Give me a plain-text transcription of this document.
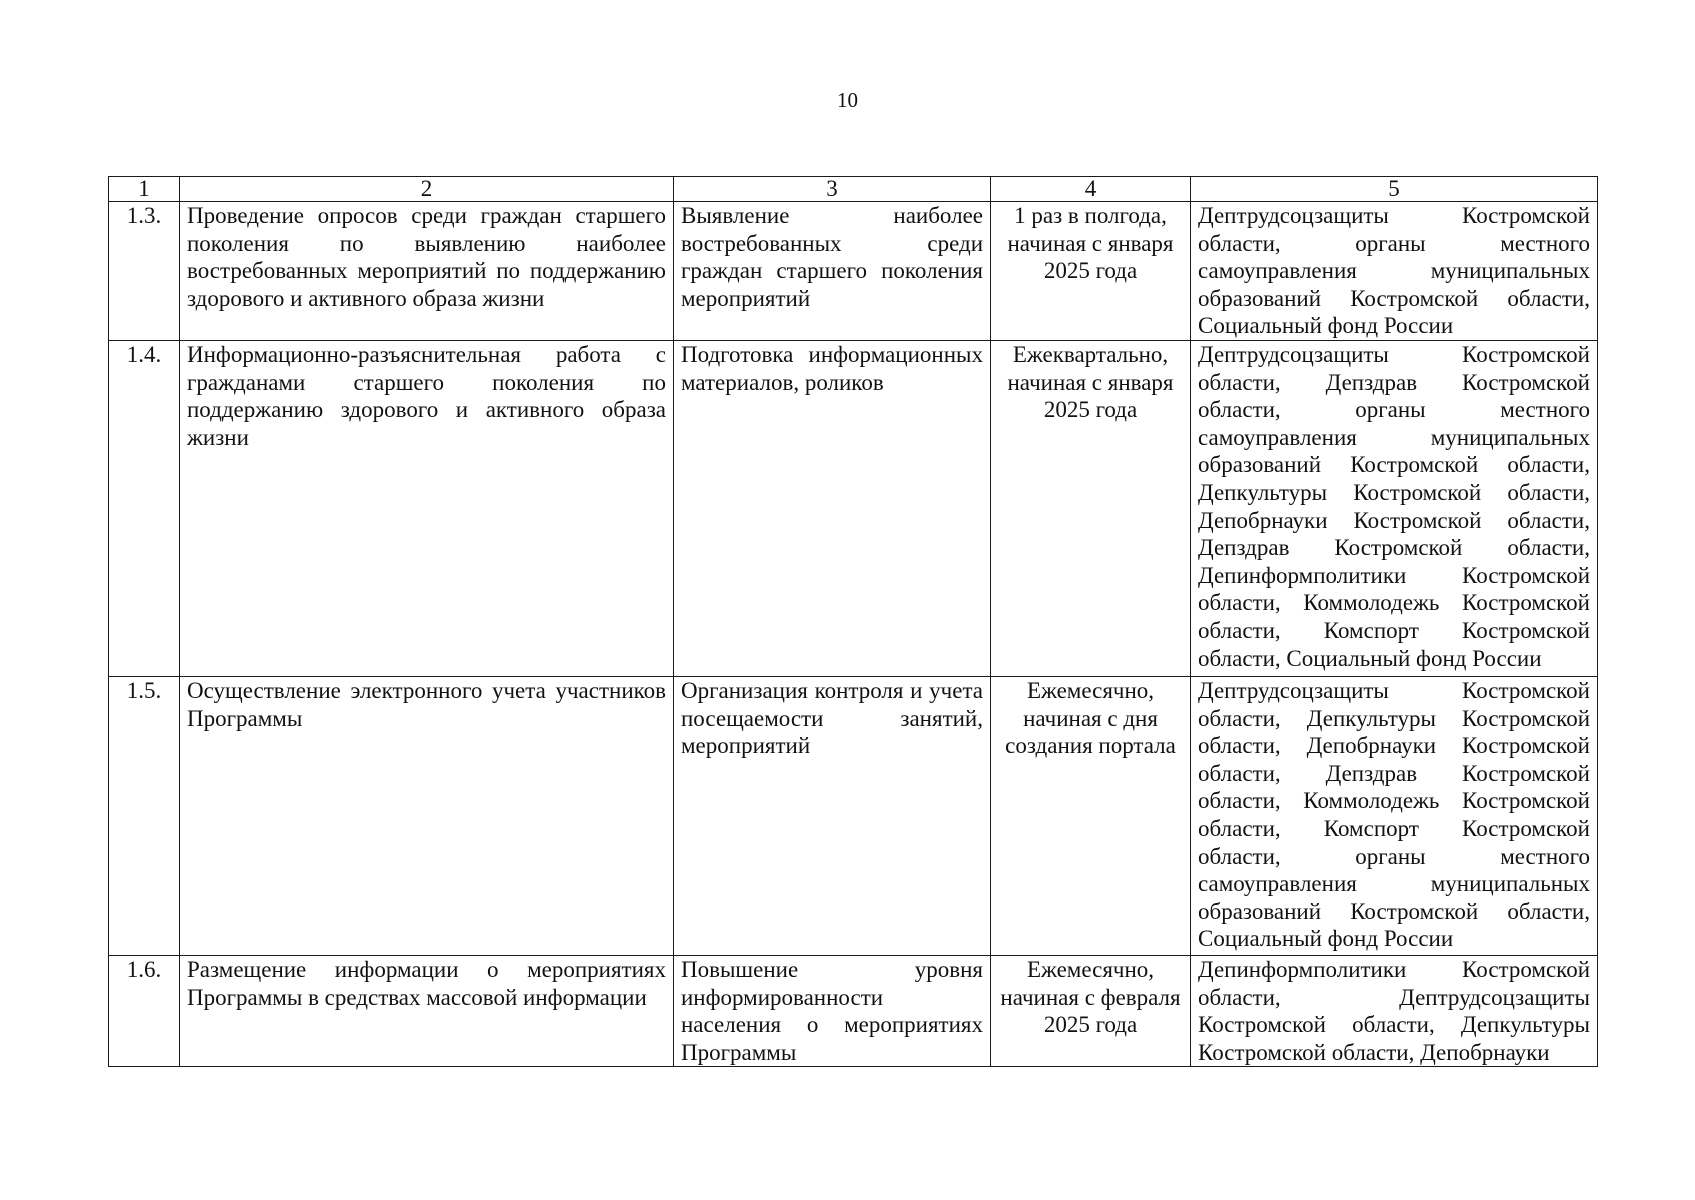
10
1	2	3	4	5
1.3.	Проведение опросов среди граждан старшего поколения по выявлению наиболее востребованных мероприятий по поддержанию здорового и активного образа жизни	Выявление наиболее востребованных среди граждан старшего поколения мероприятий	1 раз в полгода, начиная с января 2025 года	Дептрудсоцзащиты Костромской области, органы местного самоуправления муниципальных образований Костромской области, Социальный фонд России
1.4.	Информационно-разъяснительная работа с гражданами старшего поколения по поддержанию здорового и активного образа жизни	Подготовка информационных материалов, роликов	Ежеквартально, начиная с января 2025 года	Дептрудсоцзащиты Костромской области, Депздрав Костромской области, органы местного самоуправления муниципальных образований Костромской области, Депкультуры Костромской области, Депобрнауки Костромской области, Депздрав Костромской области, Депинформполитики Костромской области, Коммолодежь Костромской области, Комспорт Костромской области, Социальный фонд России
1.5.	Осуществление электронного учета участников Программы	Организация контроля и учета посещаемости занятий, мероприятий	Ежемесячно, начиная с дня создания портала	Дептрудсоцзащиты Костромской области, Депкультуры Костромской области, Депобрнауки Костромской области, Депздрав Костромской области, Коммолодежь Костромской области, Комспорт Костромской области, органы местного самоуправления муниципальных образований Костромской области, Социальный фонд России
1.6.	Размещение информации о мероприятиях Программы в средствах массовой информации	Повышение уровня информированности населения о мероприятиях Программы	Ежемесячно, начиная с февраля 2025 года	Депинформполитики Костромской области, Дептрудсоцзащиты Костромской области, Депкультуры Костромской области, Депобрнауки
